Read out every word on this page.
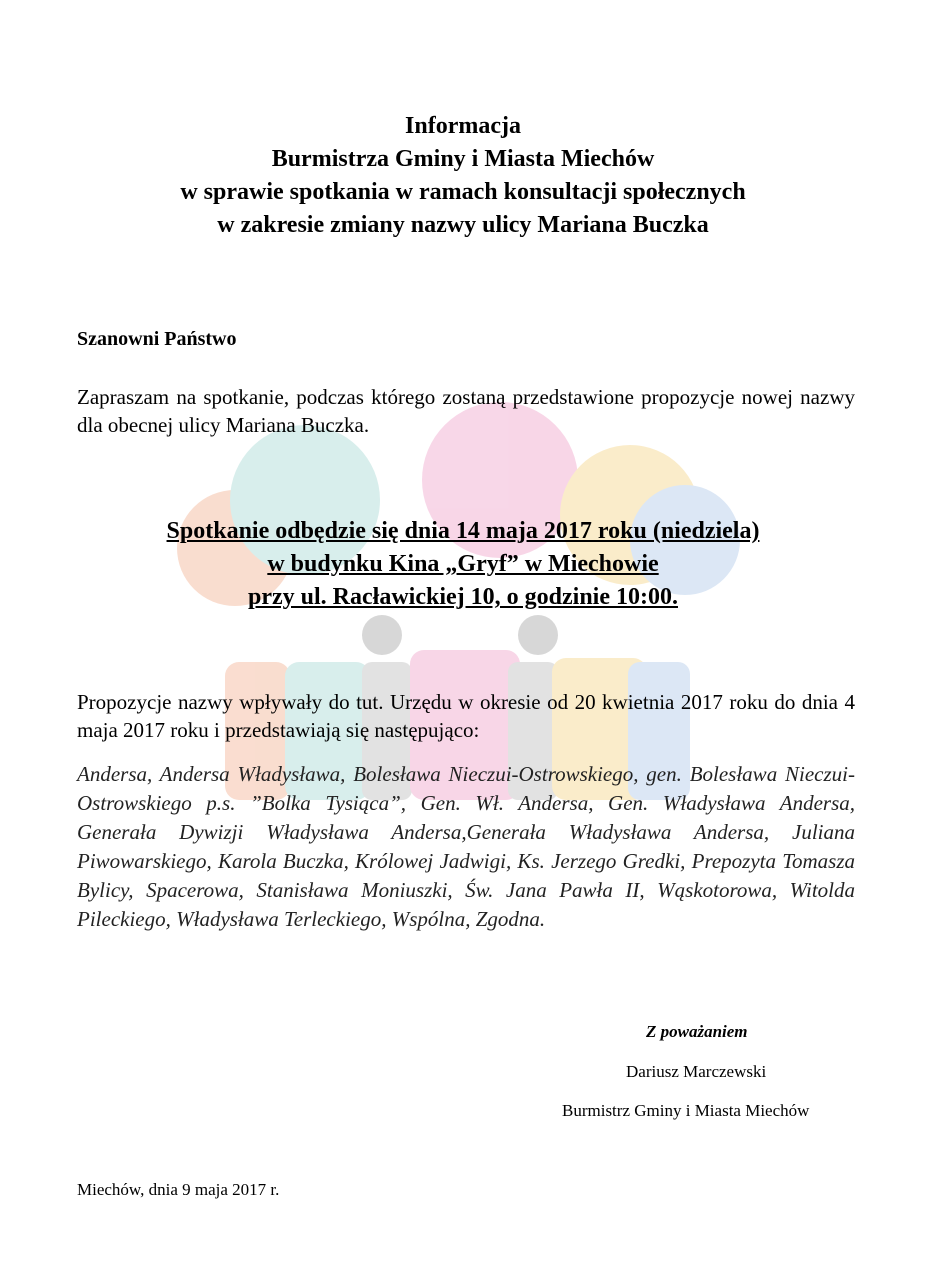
Informacja
Burmistrza Gminy i Miasta Miechów
w sprawie spotkania w ramach konsultacji społecznych
w zakresie zmiany nazwy ulicy Mariana Buczka
Szanowni Państwo
Zapraszam na spotkanie, podczas którego zostaną przedstawione propozycje nowej nazwy dla obecnej ulicy Mariana Buczka.
Spotkanie odbędzie się dnia 14 maja 2017 roku (niedziela)
w budynku Kina „Gryf” w Miechowie
przy ul. Racławickiej 10, o godzinie 10:00.
Propozycje nazwy wpływały do tut. Urzędu w okresie od 20 kwietnia 2017 roku do dnia 4 maja 2017 roku i przedstawiają się następująco:
Andersa, Andersa Władysława, Bolesława Nieczui-Ostrowskiego, gen. Bolesława Nieczui-Ostrowskiego p.s. ”Bolka Tysiąca”, Gen. Wł. Andersa, Gen. Władysława Andersa, Generała Dywizji Władysława Andersa,Generała Władysława Andersa, Juliana Piwowarskiego, Karola Buczka, Królowej Jadwigi, Ks. Jerzego Gredki, Prepozyta Tomasza Bylicy, Spacerowa, Stanisława Moniuszki, Św. Jana Pawła II, Wąskotorowa, Witolda Pileckiego, Władysława Terleckiego, Wspólna, Zgodna.
Z poważaniem
Dariusz Marczewski
Burmistrz Gminy i Miasta Miechów
Miechów, dnia 9 maja 2017 r.
